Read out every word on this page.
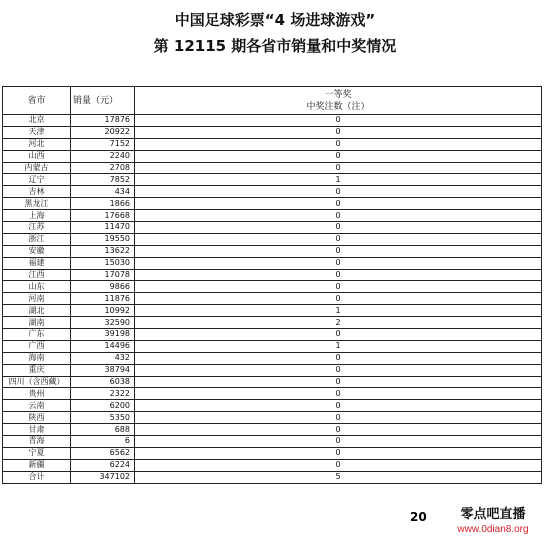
中国足球彩票“4 场进球游戏”
第 12115 期各省市销量和中奖情况
省市	销量（元）	一等奖
中奖注数（注）

北京	17876	0
天津	20922	0
河北	7152	0
山西	2240	0
内蒙古	2708	0
辽宁	7852	1
吉林	434	0
黑龙江	1866	0
上海	17668	0
江苏	11470	0
浙江	19550	0
安徽	13622	0
福建	15030	0
江西	17078	0
山东	9866	0
河南	11876	0
湖北	10992	1
湖南	32590	2
广东	39198	0
广西	14496	1
海南	432	0
重庆	38794	0
四川（含西藏）	6038	0
贵州	2322	0
云南	6200	0
陕西	5350	0
甘肃	688	0
青海	6	0
宁夏	6562	0
新疆	6224	0
合计	347102	5
20	零点吧直播
www.0dian8.org
